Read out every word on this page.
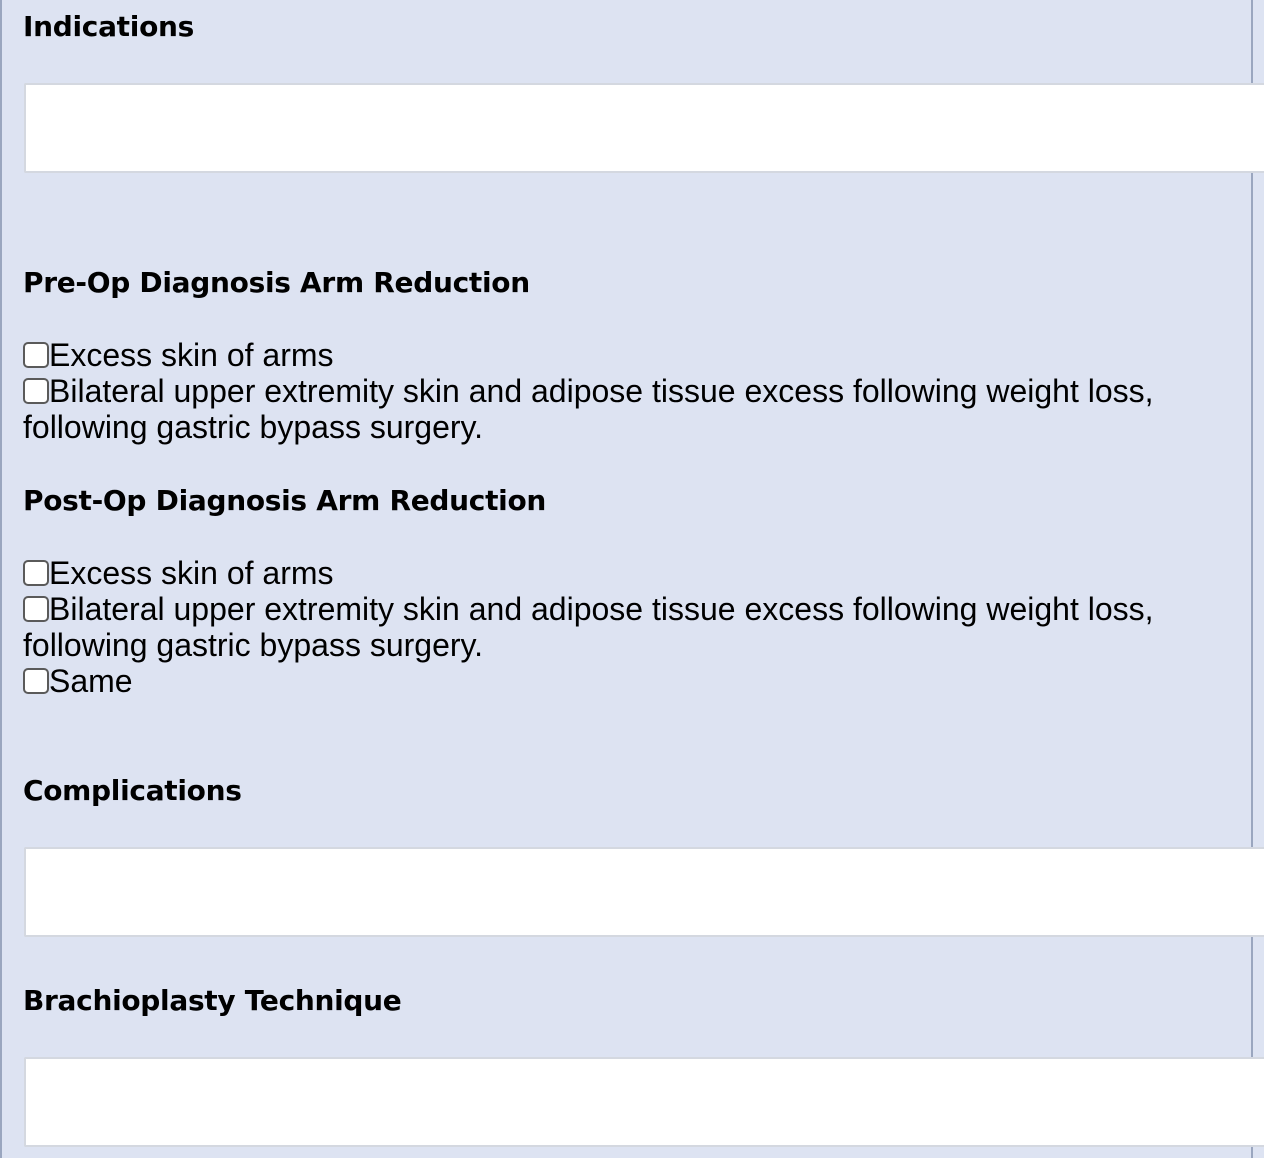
Indications
Pre-Op Diagnosis Arm Reduction
Excess skin of arms
Bilateral upper extremity skin and adipose tissue excess following weight loss, following gastric bypass surgery.
Post-Op Diagnosis Arm Reduction
Excess skin of arms
Bilateral upper extremity skin and adipose tissue excess following weight loss, following gastric bypass surgery.
Same
Complications
Brachioplasty Technique
